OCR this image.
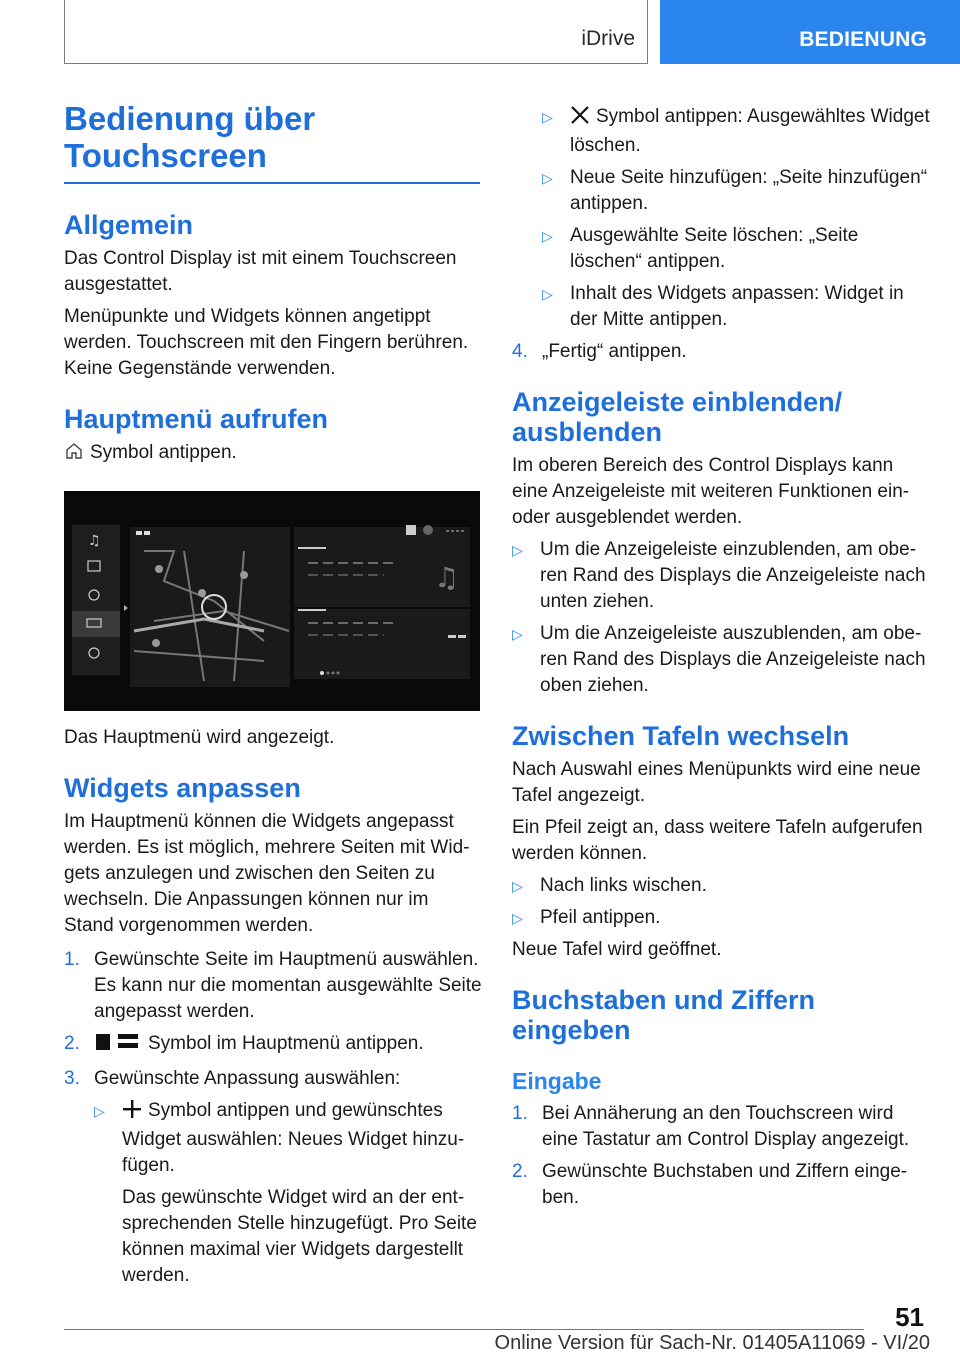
iDrive	BEDIENUNG
Bedienung über
Touchscreen
Allgemein

Das Control Display ist mit einem Touchscreen ausgestattet.

Menüpunkte und Widgets können angetippt werden. Touchscreen mit den Fingern berühren. Keine Gegenstände verwenden.

Hauptmenü aufrufen

Symbol antippen.

♫
♫

Das Hauptmenü wird angezeigt.

Widgets anpassen

Im Hauptmenü können die Widgets angepasst werden. Es ist möglich, mehrere Seiten mit Widgets anzulegen und zwischen den Seiten zu wechseln. Die Anpassungen können nur im Stand vorgenommen werden.

1. Gewünschte Seite im Hauptmenü auswählen. Es kann nur die momentan ausgewählte Seite angepasst werden.
2.	Symbol im Hauptmenü antippen.
3. Gewünschte Anpassung auswählen:
▷	Symbol antippen und gewünschtes Widget auswählen: Neues Widget hinzufügen.
Das gewünschte Widget wird an der entsprechenden Stelle hinzugefügt. Pro Seite können maximal vier Widgets dargestellt werden.
▷	Symbol antippen: Ausgewähltes Widget löschen.
▷ Neue Seite hinzufügen: „Seite hinzufügen“ antippen.
▷ Ausgewählte Seite löschen: „Seite löschen“ antippen.
▷ Inhalt des Widgets anpassen: Widget in der Mitte antippen.
4. „Fertig“ antippen.
Anzeigeleiste einblenden/
ausblenden

Im oberen Bereich des Control Displays kann eine Anzeigeleiste mit weiteren Funktionen einoder ausgeblendet werden.

▷ Um die Anzeigeleiste einzublenden, am oberen Rand des Displays die Anzeigeleiste nach unten ziehen.
▷ Um die Anzeigeleiste auszublenden, am oberen Rand des Displays die Anzeigeleiste nach oben ziehen.
Zwischen Tafeln wechseln

Nach Auswahl eines Menüpunkts wird eine neue Tafel angezeigt.

Ein Pfeil zeigt an, dass weitere Tafeln aufgerufen werden können.

▷ Nach links wischen.
▷ Pfeil antippen.

Neue Tafel wird geöffnet.

Buchstaben und Ziffern
eingeben
Eingabe
1. Bei Annäherung an den Touchscreen wird eine Tastatur am Control Display angezeigt.
2. Gewünschte Buchstaben und Ziffern eingeben.
51
Online Version für Sach-Nr. 01405A11069 - VI/20
